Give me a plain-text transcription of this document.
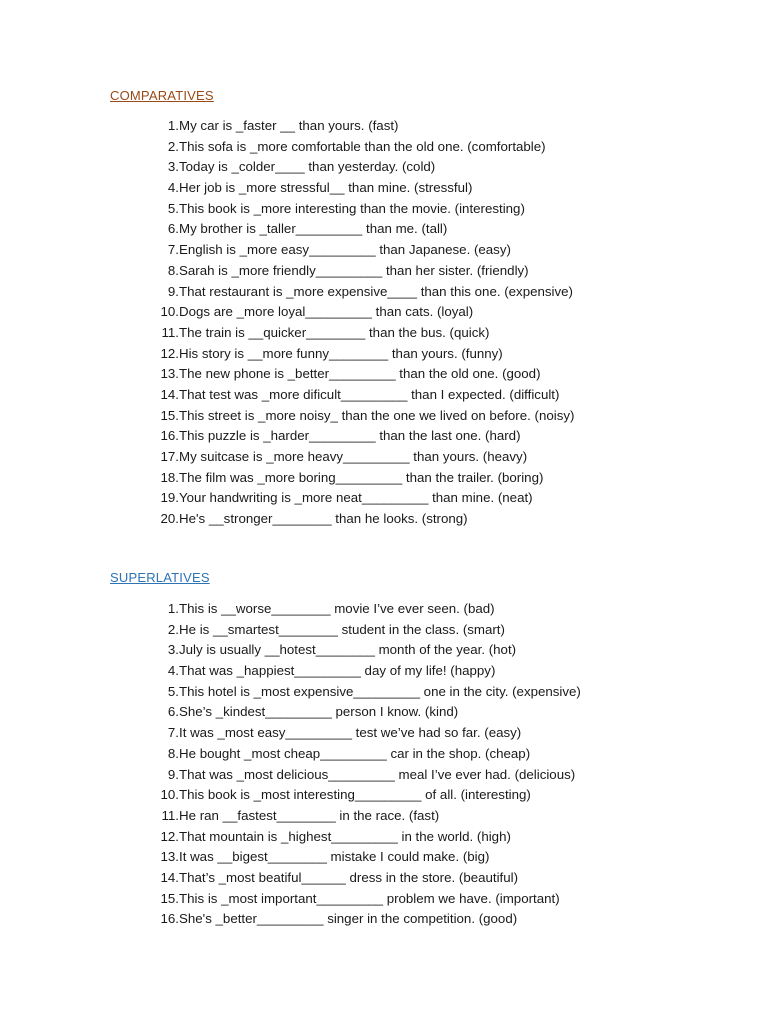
COMPARATIVES
1. My car is _faster __ than yours. (fast)
2. This sofa is _more comfortable than the old one. (comfortable)
3. Today is _colder____ than yesterday. (cold)
4. Her job is _more stressful__ than mine. (stressful)
5. This book is _more interesting than the movie. (interesting)
6. My brother is _taller_________ than me. (tall)
7. English is _more easy_________ than Japanese. (easy)
8. Sarah is _more friendly_________ than her sister. (friendly)
9. That restaurant is _more expensive____ than this one. (expensive)
10. Dogs are _more loyal_________ than cats. (loyal)
11. The train is __quicker________ than the bus. (quick)
12. His story is __more funny________ than yours. (funny)
13. The new phone is _better_________ than the old one. (good)
14. That test was _more dificult_________ than I expected. (difficult)
15. This street is _more noisy_ than the one we lived on before. (noisy)
16. This puzzle is _harder_________ than the last one. (hard)
17. My suitcase is _more heavy_________ than yours. (heavy)
18. The film was _more boring_________ than the trailer. (boring)
19. Your handwriting is _more neat_________ than mine. (neat)
20. He's __stronger________ than he looks. (strong)
SUPERLATIVES
1. This is __worse________ movie I’ve ever seen. (bad)
2. He is __smartest________ student in the class. (smart)
3. July is usually __hotest________ month of the year. (hot)
4. That was _happiest_________ day of my life! (happy)
5. This hotel is _most expensive_________ one in the city. (expensive)
6. She’s _kindest_________ person I know. (kind)
7. It was _most easy_________ test we’ve had so far. (easy)
8. He bought _most cheap_________ car in the shop. (cheap)
9. That was _most delicious_________ meal I’ve ever had. (delicious)
10. This book is _most interesting_________ of all. (interesting)
11. He ran __fastest________ in the race. (fast)
12. That mountain is _highest_________ in the world. (high)
13. It was __bigest________ mistake I could make. (big)
14. That’s _most beatiful______ dress in the store. (beautiful)
15. This is _most important_________ problem we have. (important)
16. She's _better_________ singer in the competition. (good)
